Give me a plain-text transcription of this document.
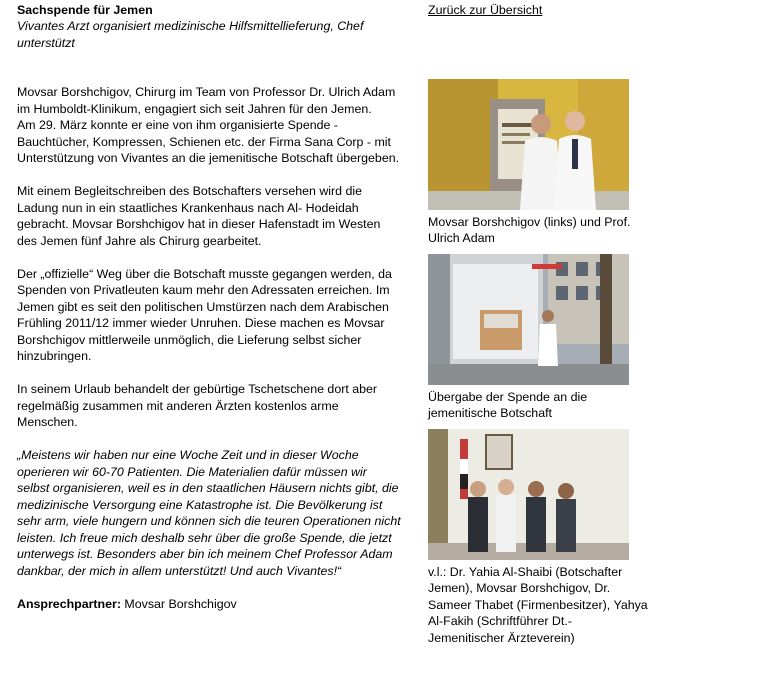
Sachspende für Jemen

Vivantes Arzt organisiert medizinische Hilfsmittellieferung, Chef unterstützt

Movsar Borshchigov, Chirurg im Team von Professor Dr. Ulrich Adam im Humboldt-Klinikum, engagiert sich seit Jahren für den Jemen.
Am 29. März konnte er eine von ihm organisierte Spende - Bauchtücher, Kompressen, Schienen etc. der Firma Sana Corp - mit Unterstützung von Vivantes an die jemenitische Botschaft übergeben.

Mit einem Begleitschreiben des Botschafters versehen wird die Ladung nun in ein staatliches Krankenhaus nach Al- Hodeidah gebracht. Movsar Borshchigov hat in dieser Hafenstadt im Westen des Jemen fünf Jahre als Chirurg gearbeitet.

Der „offizielle“ Weg über die Botschaft musste gegangen werden, da Spenden von Privatleuten kaum mehr den Adressaten erreichen. Im Jemen gibt es seit den politischen Umstürzen nach dem Arabischen Frühling 2011/12 immer wieder Unruhen. Diese machen es Movsar Borshchigov mittlerweile unmöglich, die Lieferung selbst sicher hinzubringen.

In seinem Urlaub behandelt der gebürtige Tschetschene dort aber regelmäßig zusammen mit anderen Ärzten kostenlos arme Menschen.

„Meistens wir haben nur eine Woche Zeit und in dieser Woche operieren wir 60-70 Patienten. Die Materialien dafür müssen wir selbst organisieren, weil es in den staatlichen Häusern nichts gibt, die medizinische Versorgung eine Katastrophe ist. Die Bevölkerung ist sehr arm, viele hungern und können sich die teuren Operationen nicht leisten. Ich freue mich deshalb sehr über die große Spende, die jetzt unterwegs ist. Besonders aber bin ich meinem Chef Professor Adam dankbar, der mich in allem unterstützt! Und auch Vivantes!“

Ansprechpartner: Movsar Borshchigov

Zurück zur Übersicht

Movsar Borshchigov (links) und Prof. Ulrich Adam

Übergabe der Spende an die jemenitische Botschaft

v.l.: Dr. Yahia Al-Shaibi (Botschafter Jemen), Movsar Borshchigov, Dr. Sameer Thabet (Firmenbesitzer), Yahya Al-Fakih (Schriftführer Dt.-Jemenitischer Ärzteverein)
